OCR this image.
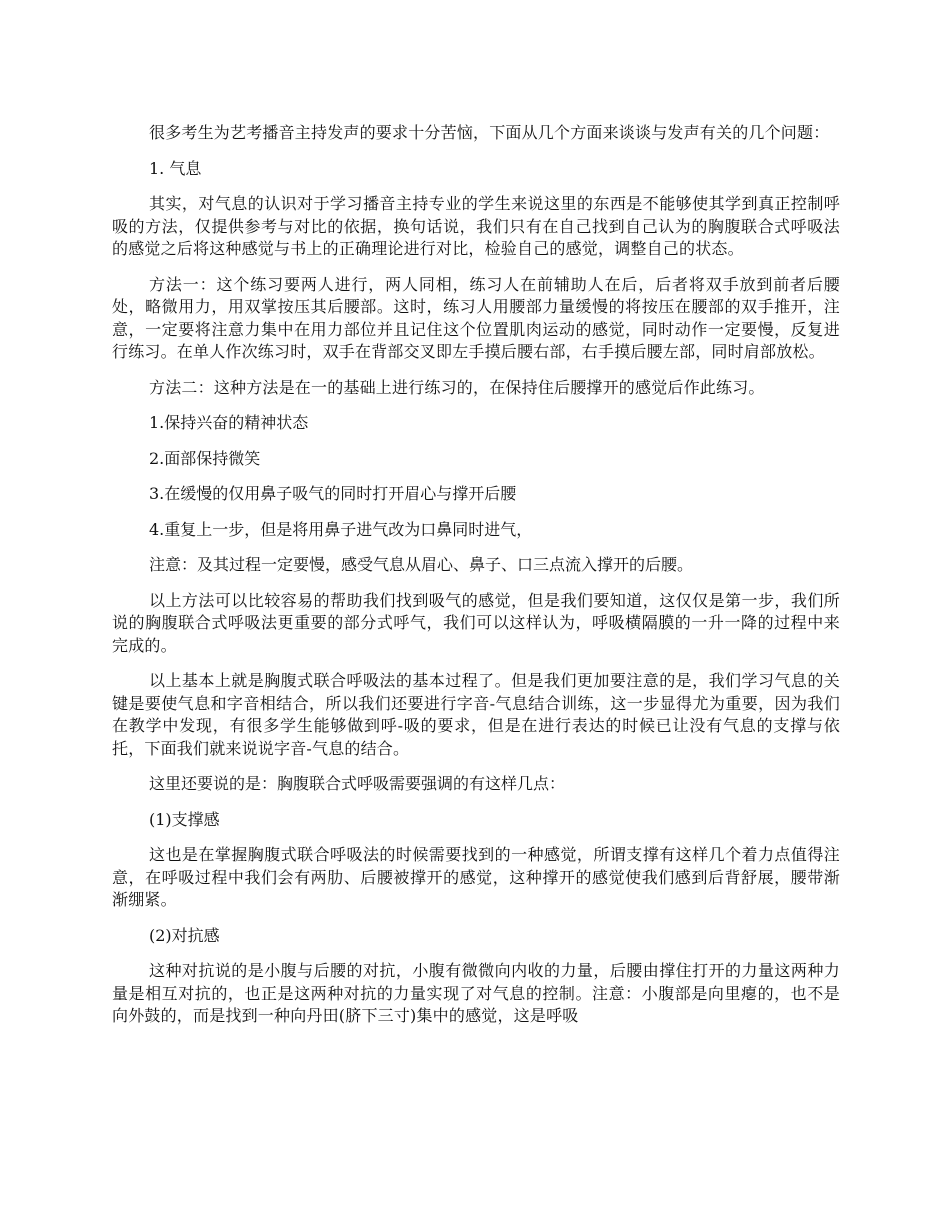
很多考生为艺考播音主持发声的要求十分苦恼，下面从几个方面来谈谈与发声有关的几个问题：

1. 气息

其实，对气息的认识对于学习播音主持专业的学生来说这里的东西是不能够使其学到真正控制呼吸的方法，仅提供参考与对比的依据，换句话说，我们只有在自己找到自己认为的胸腹联合式呼吸法的感觉之后将这种感觉与书上的正确理论进行对比，检验自己的感觉，调整自己的状态。

方法一：这个练习要两人进行，两人同相，练习人在前辅助人在后，后者将双手放到前者后腰处，略微用力，用双掌按压其后腰部。这时，练习人用腰部力量缓慢的将按压在腰部的双手推开，注意，一定要将注意力集中在用力部位并且记住这个位置肌肉运动的感觉，同时动作一定要慢，反复进行练习。在单人作次练习时，双手在背部交叉即左手摸后腰右部，右手摸后腰左部，同时肩部放松。

方法二：这种方法是在一的基础上进行练习的，在保持住后腰撑开的感觉后作此练习。

1.保持兴奋的精神状态

2.面部保持微笑

3.在缓慢的仅用鼻子吸气的同时打开眉心与撑开后腰

4.重复上一步，但是将用鼻子进气改为口鼻同时进气，

注意：及其过程一定要慢，感受气息从眉心、鼻子、口三点流入撑开的后腰。

以上方法可以比较容易的帮助我们找到吸气的感觉，但是我们要知道，这仅仅是第一步，我们所说的胸腹联合式呼吸法更重要的部分式呼气，我们可以这样认为，呼吸横隔膜的一升一降的过程中来完成的。

以上基本上就是胸腹式联合呼吸法的基本过程了。但是我们更加要注意的是，我们学习气息的关键是要使气息和字音相结合，所以我们还要进行字音-气息结合训练，这一步显得尤为重要，因为我们在教学中发现，有很多学生能够做到呼-吸的要求，但是在进行表达的时候已让没有气息的支撑与依托，下面我们就来说说字音-气息的结合。

这里还要说的是：胸腹联合式呼吸需要强调的有这样几点：

(1)支撑感

这也是在掌握胸腹式联合呼吸法的时候需要找到的一种感觉，所谓支撑有这样几个着力点值得注意，在呼吸过程中我们会有两肋、后腰被撑开的感觉，这种撑开的感觉使我们感到后背舒展，腰带渐渐绷紧。

(2)对抗感

这种对抗说的是小腹与后腰的对抗，小腹有微微向内收的力量，后腰由撑住打开的力量这两种力量是相互对抗的，也正是这两种对抗的力量实现了对气息的控制。注意：小腹部是向里瘪的，也不是向外鼓的，而是找到一种向丹田(脐下三寸)集中的感觉，这是呼吸
